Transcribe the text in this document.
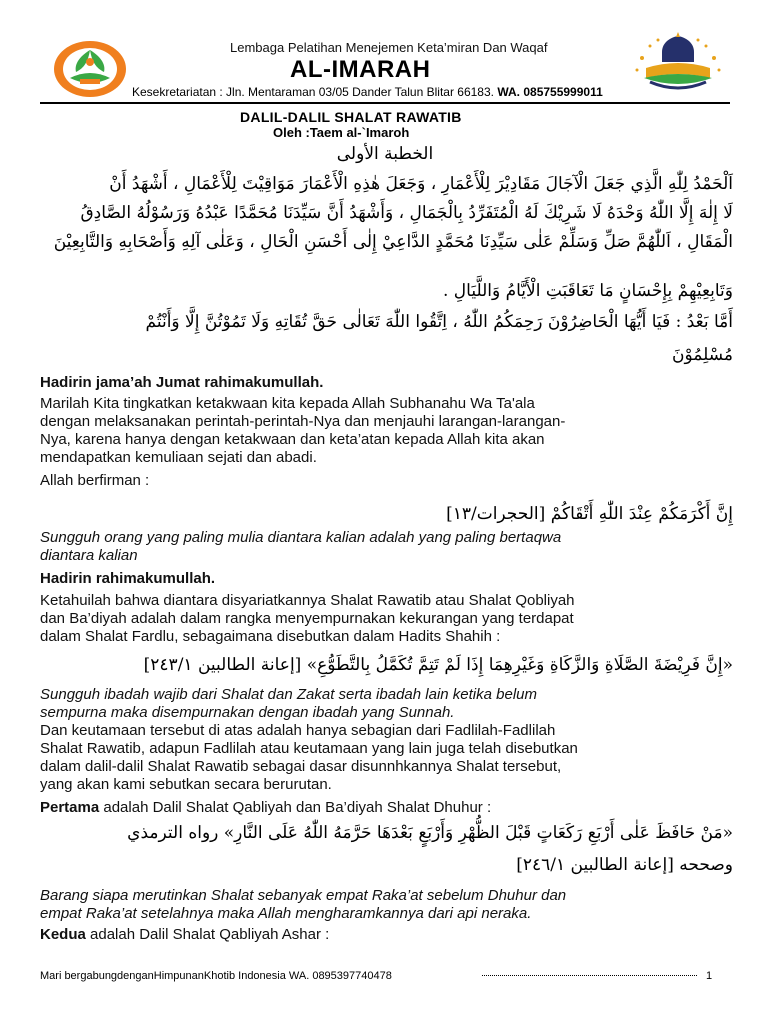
Lembaga Pelatihan Menejemen Keta’miran Dan Waqaf
AL-IMARAH
Kesekretariatan : Jln. Mentaraman 03/05 Dander Talun Blitar 66183. WA. 085755999011
DALIL-DALIL SHALAT RAWATIB
Oleh :Taem al-`Imaroh
الخطبة الأولى
اَلْحَمْدُ لِلّٰهِ الَّذِي جَعَلَ الْآجَالَ مَقَادِيْرَ لِلْأَعْمَارِ ، وَجَعَلَ هٰذِهِ الْأَعْمَارَ مَوَاقِيْتَ لِلْأَعْمَالِ ، أَشْهَدُ أَنْ
لَا إِلٰهَ إِلَّا اللّٰهُ وَحْدَهُ لَا شَرِيْكَ لَهُ الْمُتَفَرِّدُ بِالْجَمَالِ ، وَأَشْهَدُ أَنَّ سَيِّدَنَا مُحَمَّدًا عَبْدُهُ وَرَسُوْلُهُ الصَّادِقُ
الْمَقَالِ ، اَللّٰهُمَّ صَلِّ وَسَلِّمْ عَلٰى سَيِّدِنَا مُحَمَّدٍ الدَّاعِيْ إِلٰى أَحْسَنِ الْحَالِ ، وَعَلٰى آلِهِ وَأَصْحَابِهِ وَالتَّابِعِيْنَ
وَتَابِعِيْهِمْ بِإِحْسَانٍ مَا تَعَاقَبَتِ الْأَيَّامُ وَاللَّيَالِ .
أَمَّا بَعْدُ : فَيَا أَيُّهَا الْحَاضِرُوْنَ رَحِمَكُمُ اللّٰهُ ، اِتَّقُوا اللّٰهَ تَعَالٰى حَقَّ تُقَاتِهِ وَلَا تَمُوْتُنَّ إِلَّا وَأَنْتُمْ
مُسْلِمُوْنَ
Hadirin jama’ah Jumat rahimakumullah.
Marilah Kita tingkatkan ketakwaan kita kepada Allah Subhanahu Wa Ta'ala
dengan melaksanakan perintah-perintah-Nya dan menjauhi larangan-larangan-
Nya, karena hanya dengan ketakwaan dan keta’atan kepada Allah kita akan
mendapatkan kemuliaan sejati dan abadi.
Allah berfirman :
إِنَّ أَكْرَمَكُمْ عِنْدَ اللّٰهِ أَتْقَاكُمْ [الحجرات/١٣]
Sungguh orang yang paling mulia diantara kalian adalah yang paling bertaqwa
diantara kalian
Hadirin rahimakumullah.
Ketahuilah bahwa diantara disyariatkannya Shalat Rawatib atau Shalat Qobliyah
dan Ba’diyah adalah dalam rangka menyempurnakan kekurangan yang terdapat
dalam Shalat Fardlu, sebagaimana disebutkan dalam Hadits Shahih :
«إِنَّ فَرِيْضَةَ الصَّلَاةِ وَالزَّكَاةِ وَغَيْرِهِمَا إِذَا لَمْ تَتِمَّ تُكَمَّلُ بِالتَّطَوُّعِ» [إعانة الطالبين ٢٤٣/١]
Sungguh ibadah wajib dari Shalat dan Zakat serta ibadah lain ketika belum
sempurna maka disempurnakan dengan ibadah yang Sunnah.
Dan keutamaan tersebut di atas adalah hanya sebagian dari Fadlilah-Fadlilah
Shalat Rawatib, adapun Fadlilah atau keutamaan yang lain juga telah disebutkan
dalam dalil-dalil Shalat Rawatib sebagai dasar disunnhkannya Shalat tersebut,
yang akan kami sebutkan secara berurutan.
Pertama adalah Dalil Shalat Qabliyah dan Ba’diyah Shalat Dhuhur :
«مَنْ حَافَظَ عَلٰى أَرْبَعِ رَكَعَاتٍ قَبْلَ الظُّهْرِ وَأَرْبَعٍ بَعْدَهَا حَرَّمَهُ اللّٰهُ عَلَى النَّارِ» رواه الترمذي
وصححه [إعانة الطالبين ٢٤٦/١]
Barang siapa merutinkan Shalat sebanyak empat Raka’at sebelum Dhuhur dan
empat Raka’at setelahnya maka Allah mengharamkannya dari api neraka.
Kedua adalah Dalil Shalat Qabliyah Ashar :
Mari bergabungdenganHimpunanKhotib Indonesia WA. 0895397740478	1
